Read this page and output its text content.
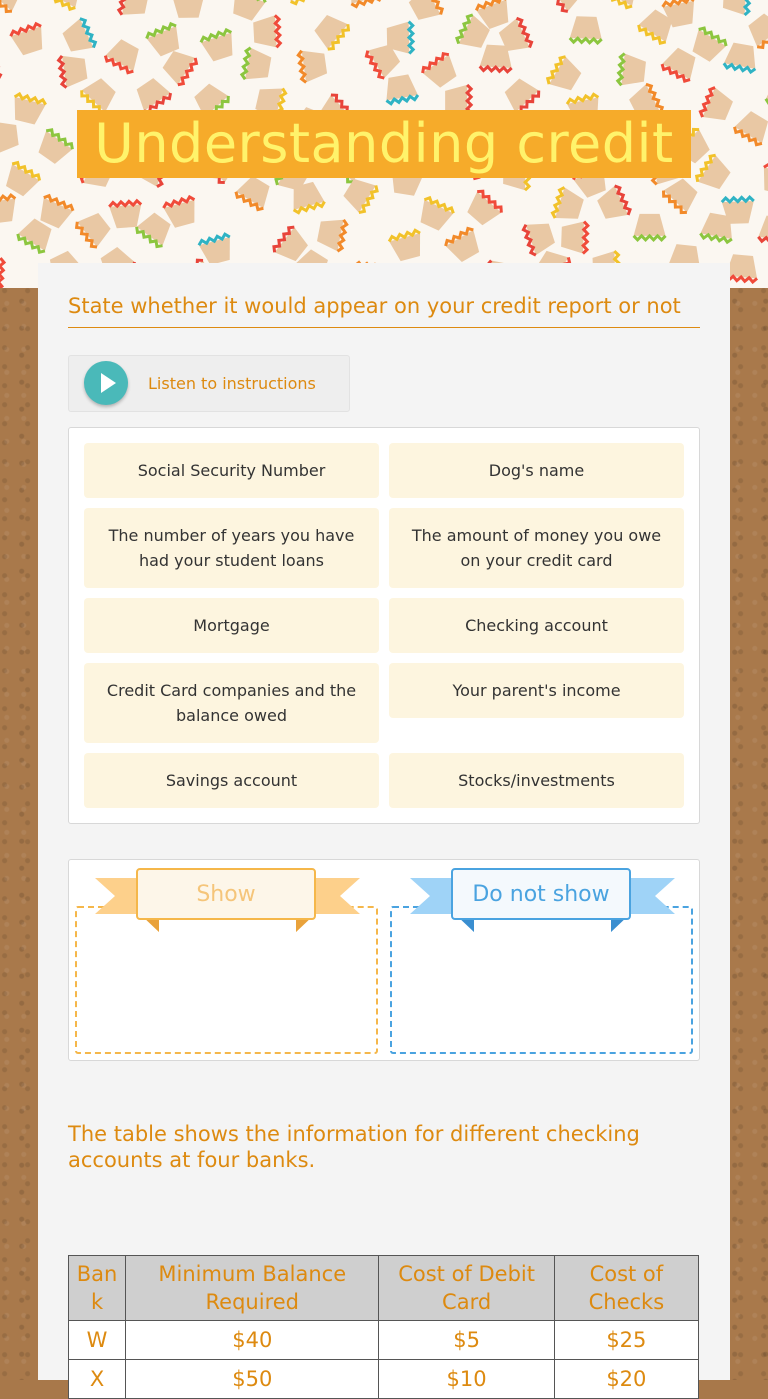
Understanding credit
State whether it would appear on your credit report or not
Listen to instructions
Social Security Number	Dog's name
The number of years you have had your student loans
The amount of money you owe on your credit card
Mortgage	Checking account
Credit Card companies and the balance owed
Your parent's income
Savings account	Stocks/investments
Show	Do not show
The table shows the information for different checking accounts at four banks.
Ban k	Minimum Balance Required	Cost of Debit Card	Cost of Checks
W	$40	$5	$25
X	$50	$10	$20
